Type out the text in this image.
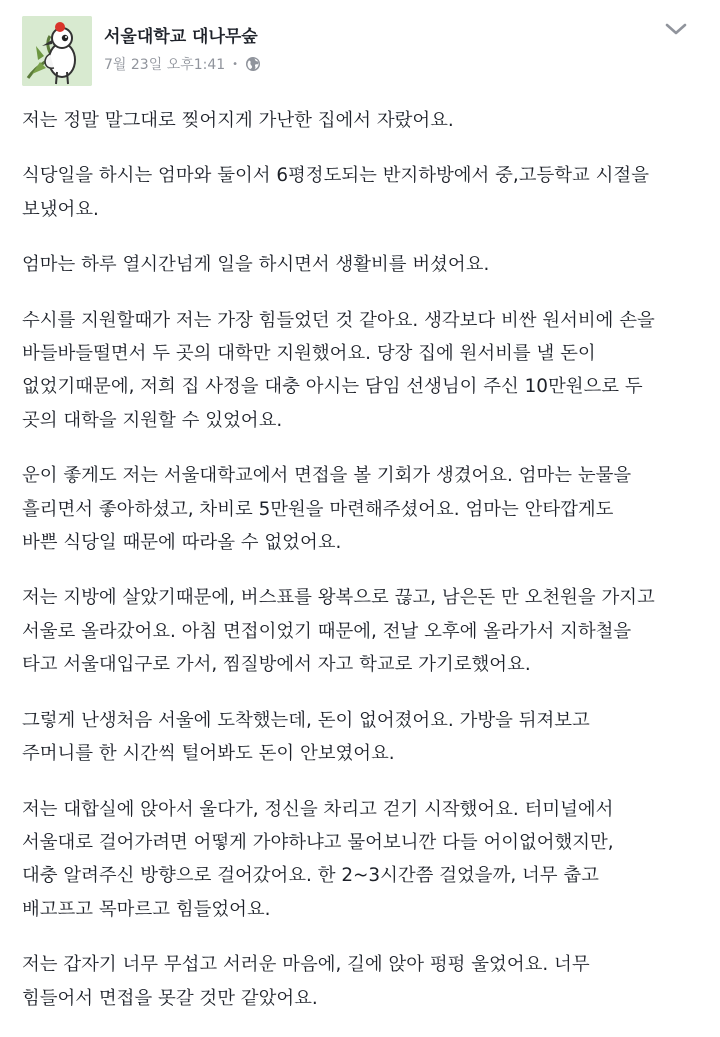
서울대학교 대나무숲
7월 23일 오후1:41 •

저는 정말 말그대로 찢어지게 가난한 집에서 자랐어요.

식당일을 하시는 엄마와 둘이서 6평정도되는 반지하방에서 중,고등학교 시절을
보냈어요.

엄마는 하루 열시간넘게 일을 하시면서 생활비를 버셨어요.

수시를 지원할때가 저는 가장 힘들었던 것 같아요. 생각보다 비싼 원서비에 손을
바들바들떨면서 두 곳의 대학만 지원했어요. 당장 집에 원서비를 낼 돈이
없었기때문에, 저희 집 사정을 대충 아시는 담임 선생님이 주신 10만원으로 두
곳의 대학을 지원할 수 있었어요.

운이 좋게도 저는 서울대학교에서 면접을 볼 기회가 생겼어요. 엄마는 눈물을
흘리면서 좋아하셨고, 차비로 5만원을 마련해주셨어요. 엄마는 안타깝게도
바쁜 식당일 때문에 따라올 수 없었어요.

저는 지방에 살았기때문에, 버스표를 왕복으로 끊고, 남은돈 만 오천원을 가지고
서울로 올라갔어요. 아침 면접이었기 때문에, 전날 오후에 올라가서 지하철을
타고 서울대입구로 가서, 찜질방에서 자고 학교로 가기로했어요.

그렇게 난생처음 서울에 도착했는데, 돈이 없어졌어요. 가방을 뒤져보고
주머니를 한 시간씩 털어봐도 돈이 안보였어요.

저는 대합실에 앉아서 울다가, 정신을 차리고 걷기 시작했어요. 터미널에서
서울대로 걸어가려면 어떻게 가야하냐고 물어보니깐 다들 어이없어했지만,
대충 알려주신 방향으로 걸어갔어요. 한 2~3시간쯤 걸었을까, 너무 춥고
배고프고 목마르고 힘들었어요.

저는 갑자기 너무 무섭고 서러운 마음에, 길에 앉아 펑펑 울었어요. 너무
힘들어서 면접을 못갈 것만 같았어요.
